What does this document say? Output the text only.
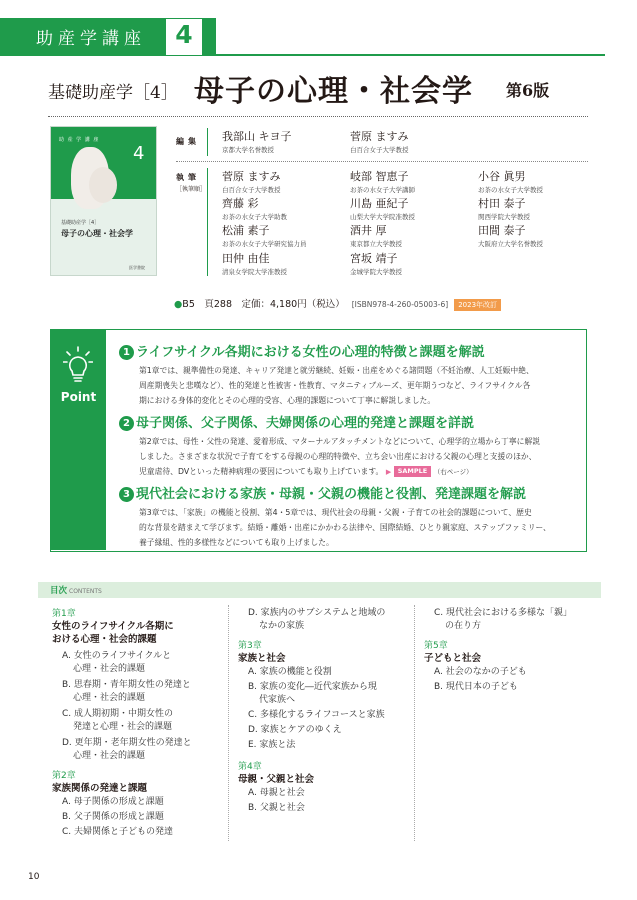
助産学講座	4
基礎助産学［4］ 母子の心理・社会学 第6版
助 産 学 講 座
4
基礎助産学［4］
母子の心理・社会学
医学書院
編集 我部山 キヨ子
京都大学名誉教授
菅原 ますみ
白百合女子大学教授
執筆
［執筆順］
菅原 ますみ
白百合女子大学教授
岐部 智恵子
お茶の水女子大学講師
小谷 眞男
お茶の水女子大学教授
齊藤 彩
お茶の水女子大学助教
川島 亜紀子
山梨大学大学院准教授
村田 泰子
関西学院大学教授
松浦 素子
お茶の水女子大学研究協力員
酒井 厚
東京都立大学教授
田間 泰子
大阪府立大学名誉教授
田仲 由佳
清泉女学院大学准教授
宮坂 靖子
金城学院大学教授
●B5　頁288　定価：4,180円（税込） [ISBN978-4-260-05003-6] 2023年改訂
Point
1 ライフサイクル各期における女性の心理的特徴と課題を解説
第1章では、親準備性の発達、キャリア発達と就労継続、妊娠・出産をめぐる諸問題（不妊治療、人工妊娠中絶、
周産期喪失と悲嘆など）、性的発達と性被害・性教育、マタニティブルーズ、更年期うつなど、ライフサイクル各
期における身体的変化とその心理的受容、心理的課題について丁寧に解説しました。
2 母子関係、父子関係、夫婦関係の心理的発達と課題を詳説
第2章では、母性・父性の発達、愛着形成、マターナルアタッチメントなどについて、心理学的立場から丁寧に解説
しました。さまざまな状況で子育てをする母親の心理的特徴や、立ち会い出産における父親の心理と支援のほか、
児童虐待、DVといった精神病理の要因についても取り上げています。 ▶ SAMPLE （右ページ）
3 現代社会における家族・母親・父親の機能と役割、発達課題を解説
第3章では、「家族」の機能と役割、第4・5章では、現代社会の母親・父親・子育ての社会的課題について、歴史
的な背景を踏まえて学びます。結婚・離婚・出産にかかわる法律や、国際結婚、ひとり親家庭、ステップファミリー、
養子縁組、性的多様性などについても取り上げました。
目次 CONTENTS
第1章
女性のライフサイクル各期に
おける心理・社会的課題
A. 女性のライフサイクルと
心理・社会的課題
B. 思春期・青年期女性の発達と
心理・社会的課題
C. 成人期初期・中期女性の
発達と心理・社会的課題
D. 更年期・老年期女性の発達と
心理・社会的課題
第2章
家族関係の発達と課題
A. 母子関係の形成と課題
B. 父子関係の形成と課題
C. 夫婦関係と子どもの発達
D. 家族内のサブシステムと地域の
なかの家族
第3章
家族と社会
A. 家族の機能と役割
B. 家族の変化―近代家族から現
代家族へ
C. 多様化するライフコースと家族
D. 家族とケアのゆくえ
E. 家族と法
第4章
母親・父親と社会
A. 母親と社会
B. 父親と社会
C. 現代社会における多様な「親」
の在り方
第5章
子どもと社会
A. 社会のなかの子ども
B. 現代日本の子ども
10
